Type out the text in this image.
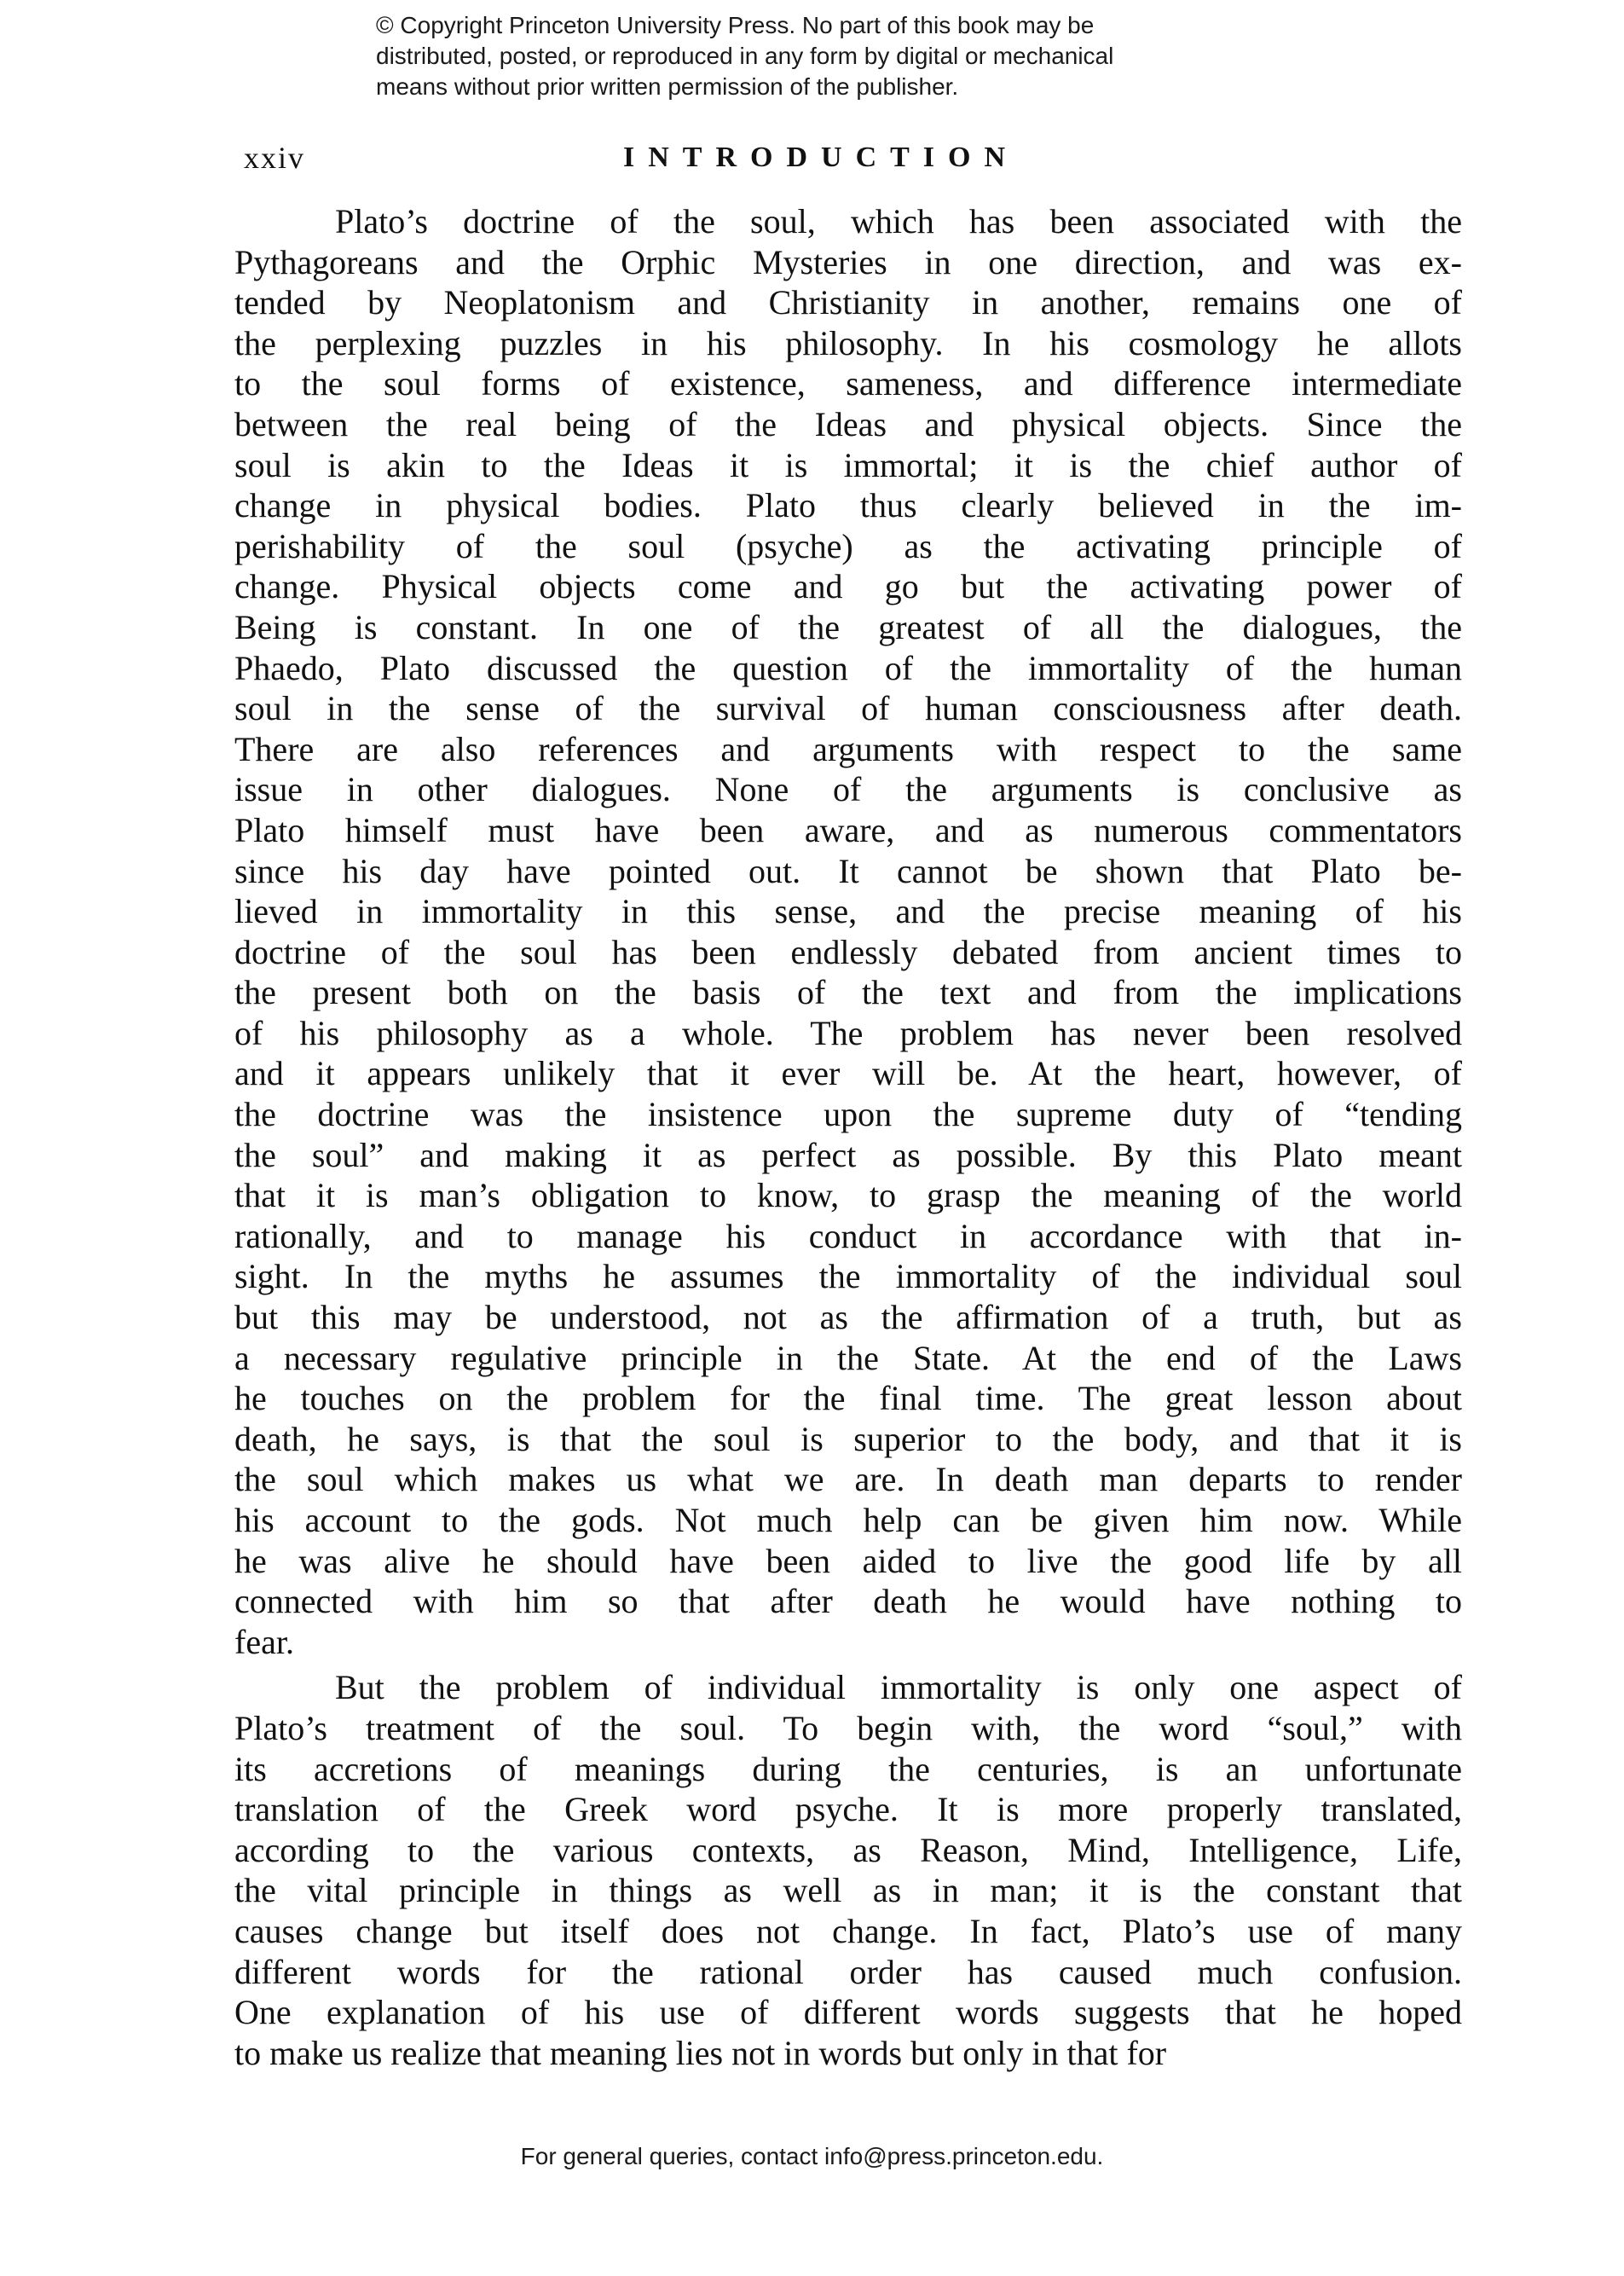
© Copyright Princeton University Press. No part of this book may be
distributed, posted, or reproduced in any form by digital or mechanical
means without prior written permission of the publisher.
xxiv	INTRODUCTION

Plato’s doctrine of the soul, which has been associated with the
Pythagoreans and the Orphic Mysteries in one direction, and was ex-
tended by Neoplatonism and Christianity in another, remains one of
the perplexing puzzles in his philosophy. In his cosmology he allots
to the soul forms of existence, sameness, and difference intermediate
between the real being of the Ideas and physical objects. Since the
soul is akin to the Ideas it is immortal; it is the chief author of
change in physical bodies. Plato thus clearly believed in the im-
perishability of the soul (psyche) as the activating principle of
change. Physical objects come and go but the activating power of
Being is constant. In one of the greatest of all the dialogues, the
Phaedo, Plato discussed the question of the immortality of the human
soul in the sense of the survival of human consciousness after death.
There are also references and arguments with respect to the same
issue in other dialogues. None of the arguments is conclusive as
Plato himself must have been aware, and as numerous commentators
since his day have pointed out. It cannot be shown that Plato be-
lieved in immortality in this sense, and the precise meaning of his
doctrine of the soul has been endlessly debated from ancient times to
the present both on the basis of the text and from the implications
of his philosophy as a whole. The problem has never been resolved
and it appears unlikely that it ever will be. At the heart, however, of
the doctrine was the insistence upon the supreme duty of “tending
the soul” and making it as perfect as possible. By this Plato meant
that it is man’s obligation to know, to grasp the meaning of the world
rationally, and to manage his conduct in accordance with that in-
sight. In the myths he assumes the immortality of the individual soul
but this may be understood, not as the affirmation of a truth, but as
a necessary regulative principle in the State. At the end of the Laws
he touches on the problem for the final time. The great lesson about
death, he says, is that the soul is superior to the body, and that it is
the soul which makes us what we are. In death man departs to render
his account to the gods. Not much help can be given him now. While
he was alive he should have been aided to live the good life by all
connected with him so that after death he would have nothing to
fear.

But the problem of individual immortality is only one aspect of
Plato’s treatment of the soul. To begin with, the word “soul,” with
its accretions of meanings during the centuries, is an unfortunate
translation of the Greek word psyche. It is more properly translated,
according to the various contexts, as Reason, Mind, Intelligence, Life,
the vital principle in things as well as in man; it is the constant that
causes change but itself does not change. In fact, Plato’s use of many
different words for the rational order has caused much confusion.
One explanation of his use of different words suggests that he hoped
to make us realize that meaning lies not in words but only in that for

For general queries, contact info@press.princeton.edu.
